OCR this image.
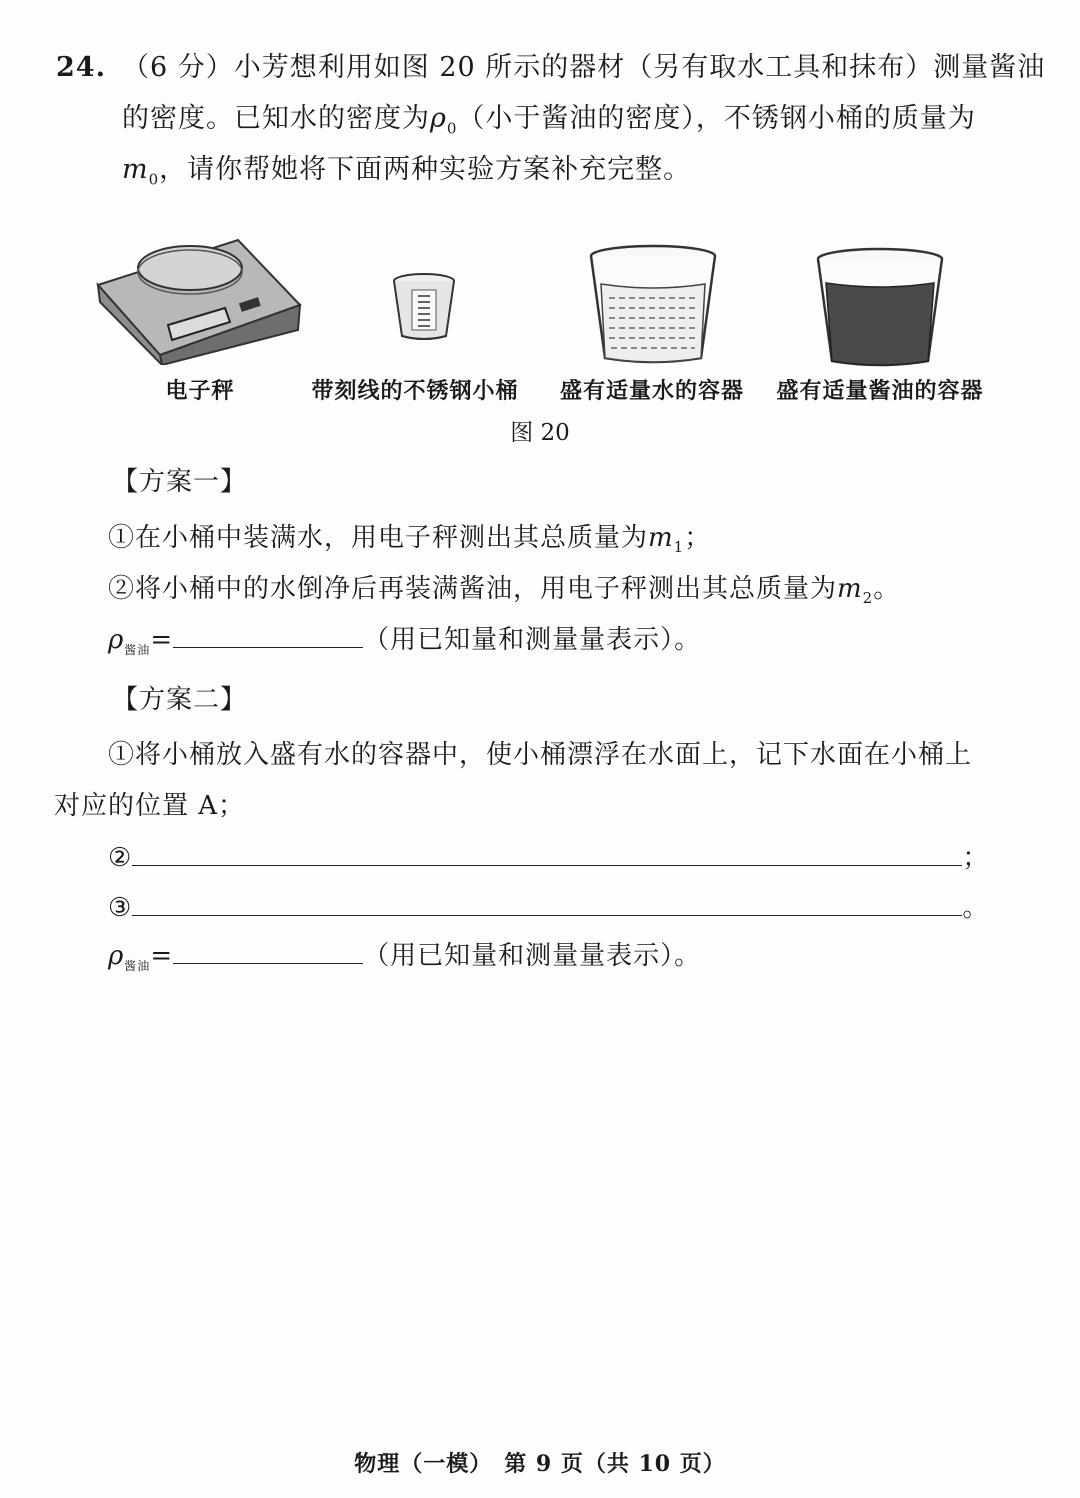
24. （6 分）小芳想利用如图 20 所示的器材（另有取水工具和抹布）测量酱油
的密度。已知水的密度为$\rho_0$（小于酱油的密度），不锈钢小桶的质量为
$m_0$，请你帮她将下面两种实验方案补充完整。
电子秤	带刻线的不锈钢小桶	盛有适量水的容器	盛有适量酱油的容器
图 20
【方案一】
①在小桶中装满水，用电子秤测出其总质量为$m_1$；
②将小桶中的水倒净后再装满酱油，用电子秤测出其总质量为$m_2$。
$\rho_{酱油}=$	（用已知量和测量量表示）。
【方案二】
①将小桶放入盛有水的容器中，使小桶漂浮在水面上，记下水面在小桶上
对应的位置 A；
②	；
③	。
$\rho_{酱油}=$	（用已知量和测量量表示）。
物理（一模）　第 9 页（共 10 页）
